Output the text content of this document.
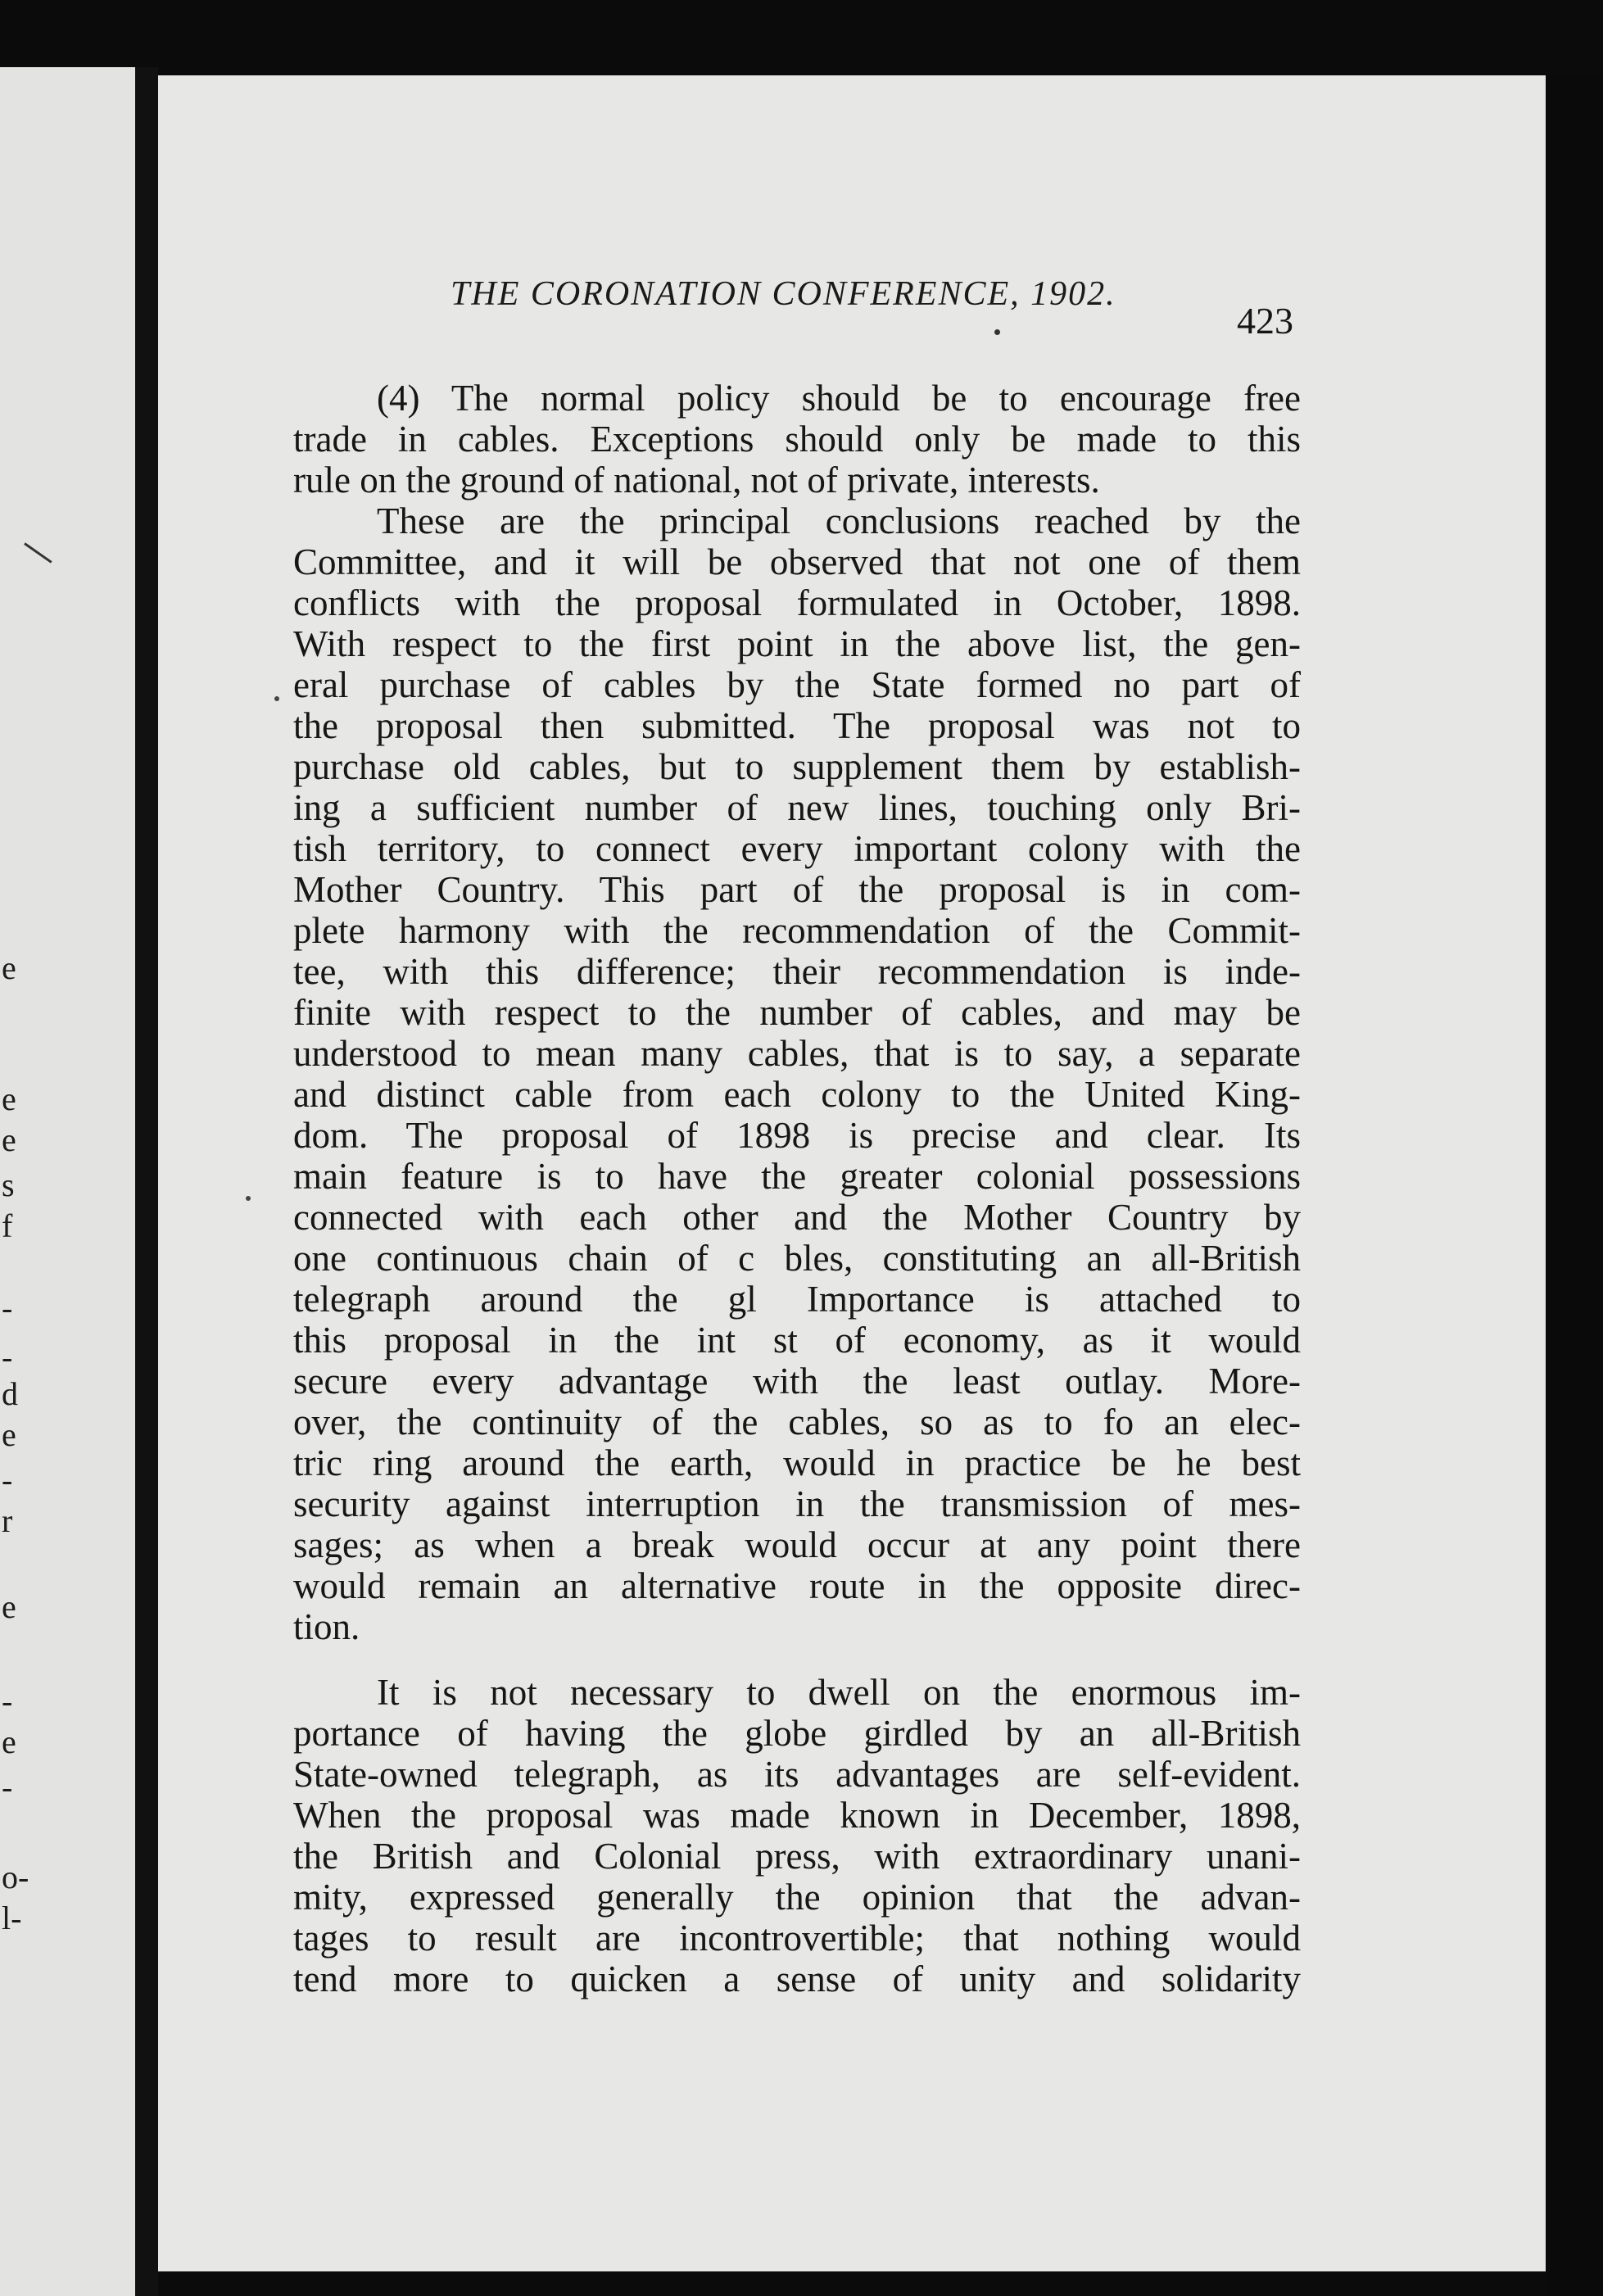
e
e
e
s
f
-
-
d
e
-
r
e
-
e
-
o-
l-
THE CORONATION CONFERENCE, 1902.
423
(4) The normal policy should be to encourage free
trade in cables. Exceptions should only be made to this
rule on the ground of national, not of private, interests.
These are the principal conclusions reached by the
Committee, and it will be observed that not one of them
conflicts with the proposal formulated in October, 1898.
With respect to the first point in the above list, the gen-
eral purchase of cables by the State formed no part of
the proposal then submitted. The proposal was not to
purchase old cables, but to supplement them by establish-
ing a sufficient number of new lines, touching only Bri-
tish territory, to connect every important colony with the
Mother Country. This part of the proposal is in com-
plete harmony with the recommendation of the Commit-
tee, with this difference; their recommendation is inde-
finite with respect to the number of cables, and may be
understood to mean many cables, that is to say, a separate
and distinct cable from each colony to the United King-
dom. The proposal of 1898 is precise and clear. Its
main feature is to have the greater colonial possessions
connected with each other and the Mother Country by
one continuous chain of c bles, constituting an all-British
telegraph around the gl Importance is attached to
this proposal in the int st of economy, as it would
secure every advantage with the least outlay. More-
over, the continuity of the cables, so as to fo an elec-
tric ring around the earth, would in practice be he best
security against interruption in the transmission of mes-
sages; as when a break would occur at any point there
would remain an alternative route in the opposite direc-
tion.
It is not necessary to dwell on the enormous im-
portance of having the globe girdled by an all-British
State-owned telegraph, as its advantages are self-evident.
When the proposal was made known in December, 1898,
the British and Colonial press, with extraordinary unani-
mity, expressed generally the opinion that the advan-
tages to result are incontrovertible; that nothing would
tend more to quicken a sense of unity and solidarity
